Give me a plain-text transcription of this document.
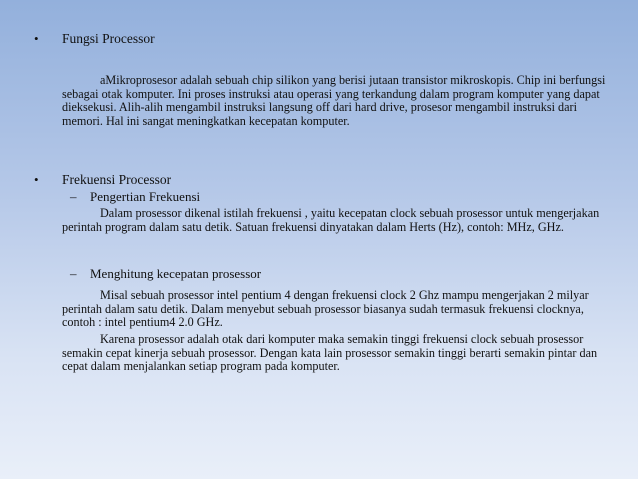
•	Fungsi Processor

aMikroprosesor adalah sebuah chip silikon yang berisi jutaan transistor mikroskopis. Chip ini berfungsi sebagai otak komputer. Ini proses instruksi atau operasi yang terkandung dalam program komputer yang dapat dieksekusi. Alih-alih mengambil instruksi langsung off dari hard drive, prosesor mengambil instruksi dari memori. Hal ini sangat meningkatkan kecepatan komputer.

•	Frekuensi Processor
–	Pengertian Frekuensi

Dalam prosessor dikenal istilah frekuensi , yaitu kecepatan clock sebuah prosessor untuk mengerjakan perintah program dalam satu detik. Satuan frekuensi dinyatakan dalam Herts (Hz), contoh: MHz, GHz.

–	Menghitung kecepatan prosessor

Misal sebuah prosessor intel pentium 4 dengan frekuensi clock 2 Ghz mampu mengerjakan 2 milyar perintah dalam satu detik. Dalam menyebut sebuah prosessor biasanya sudah termasuk frekuensi clocknya, contoh : intel pentium4 2.0 GHz.

Karena prosessor adalah otak dari komputer maka semakin tinggi frekuensi clock sebuah prosessor semakin cepat kinerja sebuah prosessor. Dengan kata lain prosessor semakin tinggi berarti semakin pintar dan cepat dalam menjalankan setiap program pada komputer.
